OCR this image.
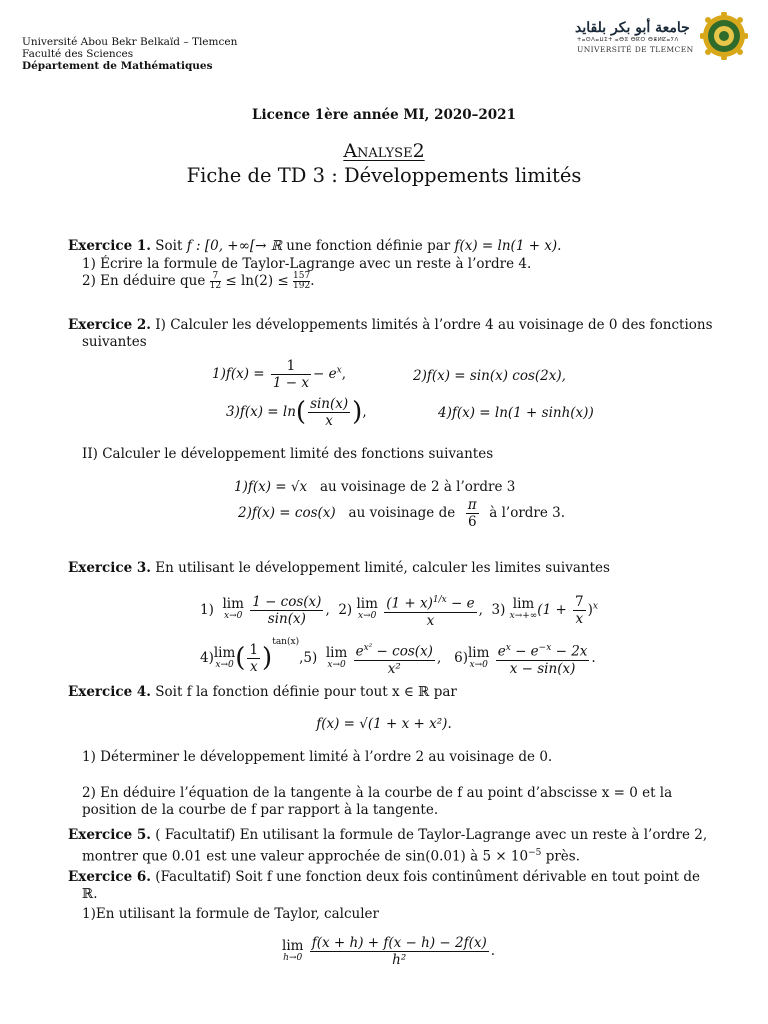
Université Abou Bekr Belkaïd – Tlemcen
Faculté des Sciences
Département de Mathématiques
جامعة أبو بكر بلقايد
ⵜⴰⵙⴷⴰⵡⵉⵜ ⴰⴱⵓ ⴱⴽⵔ ⴱⴻⵍⵇⴰⵢⴷ
UNIVERSITÉ DE TLEMCEN
Licence 1ère année MI, 2020–2021
Analyse2
Fiche de TD 3 : Développements limités
Exercice 1. Soit f : [0, +∞[→ ℝ une fonction définie par f(x) = ln(1 + x).
1) Écrire la formule de Taylor-Lagrange avec un reste à l’ordre 4.
2) En déduire que $\frac{7}{12} \le \ln(2) \le \frac{157}{192}$.
Exercice 2. I) Calculer les développements limités à l’ordre 4 au voisinage de 0 des fonctions
suivantes
$1)f(x) = \frac{1}{1 - x} - e^x$,	2)f(x) = sin(x) cos(2x),
$3)f(x) = \ln( \frac{\sin(x)}{x}$ ),	4)f(x) = ln(1 + sinh(x))
II) Calculer le développement limité des fonctions suivantes
1)f(x) = √x au voisinage de 2 à l’ordre 3
2)f(x) = cos(x) au voisinage de $\frac{\pi}{6}$ à l’ordre 3.
Exercice 3. En utilisant le développement limité, calculer les limites suivantes
1) lim
x→0
$\frac{1 - \cos(x)}{\sin(x)}$ , 2) lim
x→0
$\frac{(1 + x)^{1/x} - e}{x}$ , 3) lim
x→+∞ $(1 + \frac{7}{x} )^x$
4)lim
x→0 ( $\frac{1}{x} )^{tan(x)},5$) lim
x→0
$\frac{e^{x^2} - \cos(x)}{\text{x²}}$ , 6)lim
x→0
$\frac{e^x - e^{-x} - 2x}{x - \sin(x)}$ .
Exercice 4. Soit f la fonction définie pour tout x ∈ ℝ par
f(x) = √(1 + x + x²).
1) Déterminer le développement limité à l’ordre 2 au voisinage de 0.
2) En déduire l’équation de la tangente à la courbe de f au point d’abscisse x = 0 et la
position de la courbe de f par rapport à la tangente.
Exercice 5. ( Facultatif) En utilisant la formule de Taylor-Lagrange avec un reste à l’ordre 2,
montrer que 0.01 est une valeur approchée de sin(0.01) à $5 \times 10^{-5}$ près.
Exercice 6. (Facultatif) Soit f une fonction deux fois continûment dérivable en tout point de
ℝ.
1)En utilisant la formule de Taylor, calculer
lim
h→0
$\frac{f(x + h) + f(x - h) - 2f(x)}{\text{h²}}$ .
